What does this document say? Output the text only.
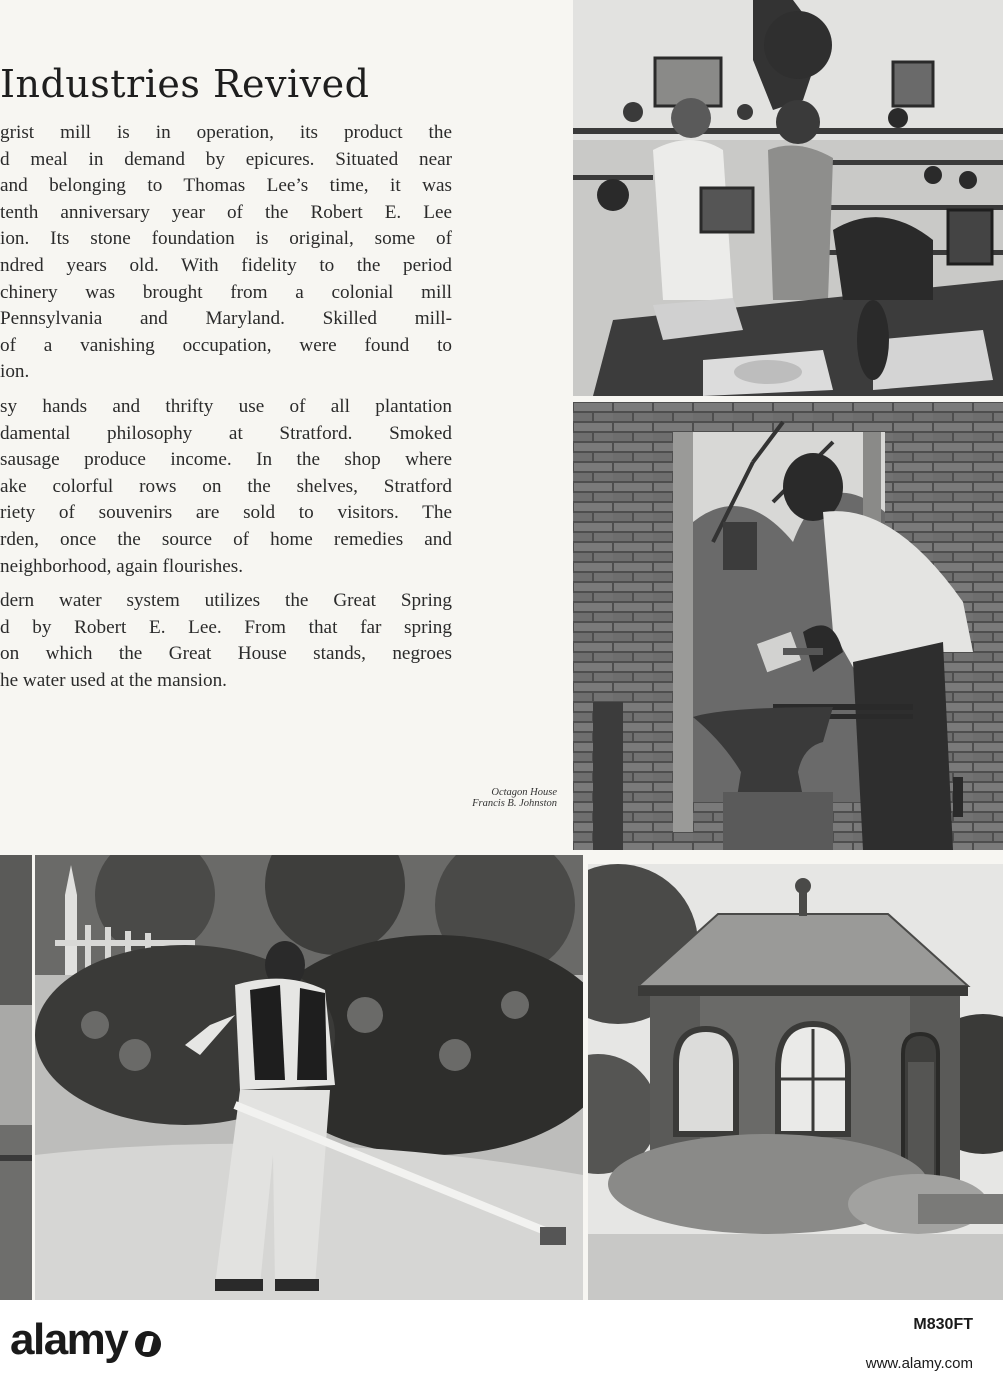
Industries Revived

grist mill is in operation, its product the
d meal in demand by epicures. Situated near
and belonging to Thomas Lee’s time, it was
tenth anniversary year of the Robert E. Lee
ion. Its stone foundation is original, some of
ndred years old. With fidelity to the period
chinery was brought from a colonial mill
Pennsylvania and Maryland. Skilled mill-
of a vanishing occupation, were found to
ion.

sy hands and thrifty use of all plantation
damental philosophy at Stratford. Smoked
sausage produce income. In the shop where
ake colorful rows on the shelves, Stratford
riety of souvenirs are sold to visitors. The
rden, once the source of home remedies and
neighborhood, again flourishes.

dern water system utilizes the Great Spring
d by Robert E. Lee. From that far spring
on which the Great House stands, negroes
he water used at the mansion.

Octagon House
Francis B. Johnston
alamy	M830FT
www.alamy.com
